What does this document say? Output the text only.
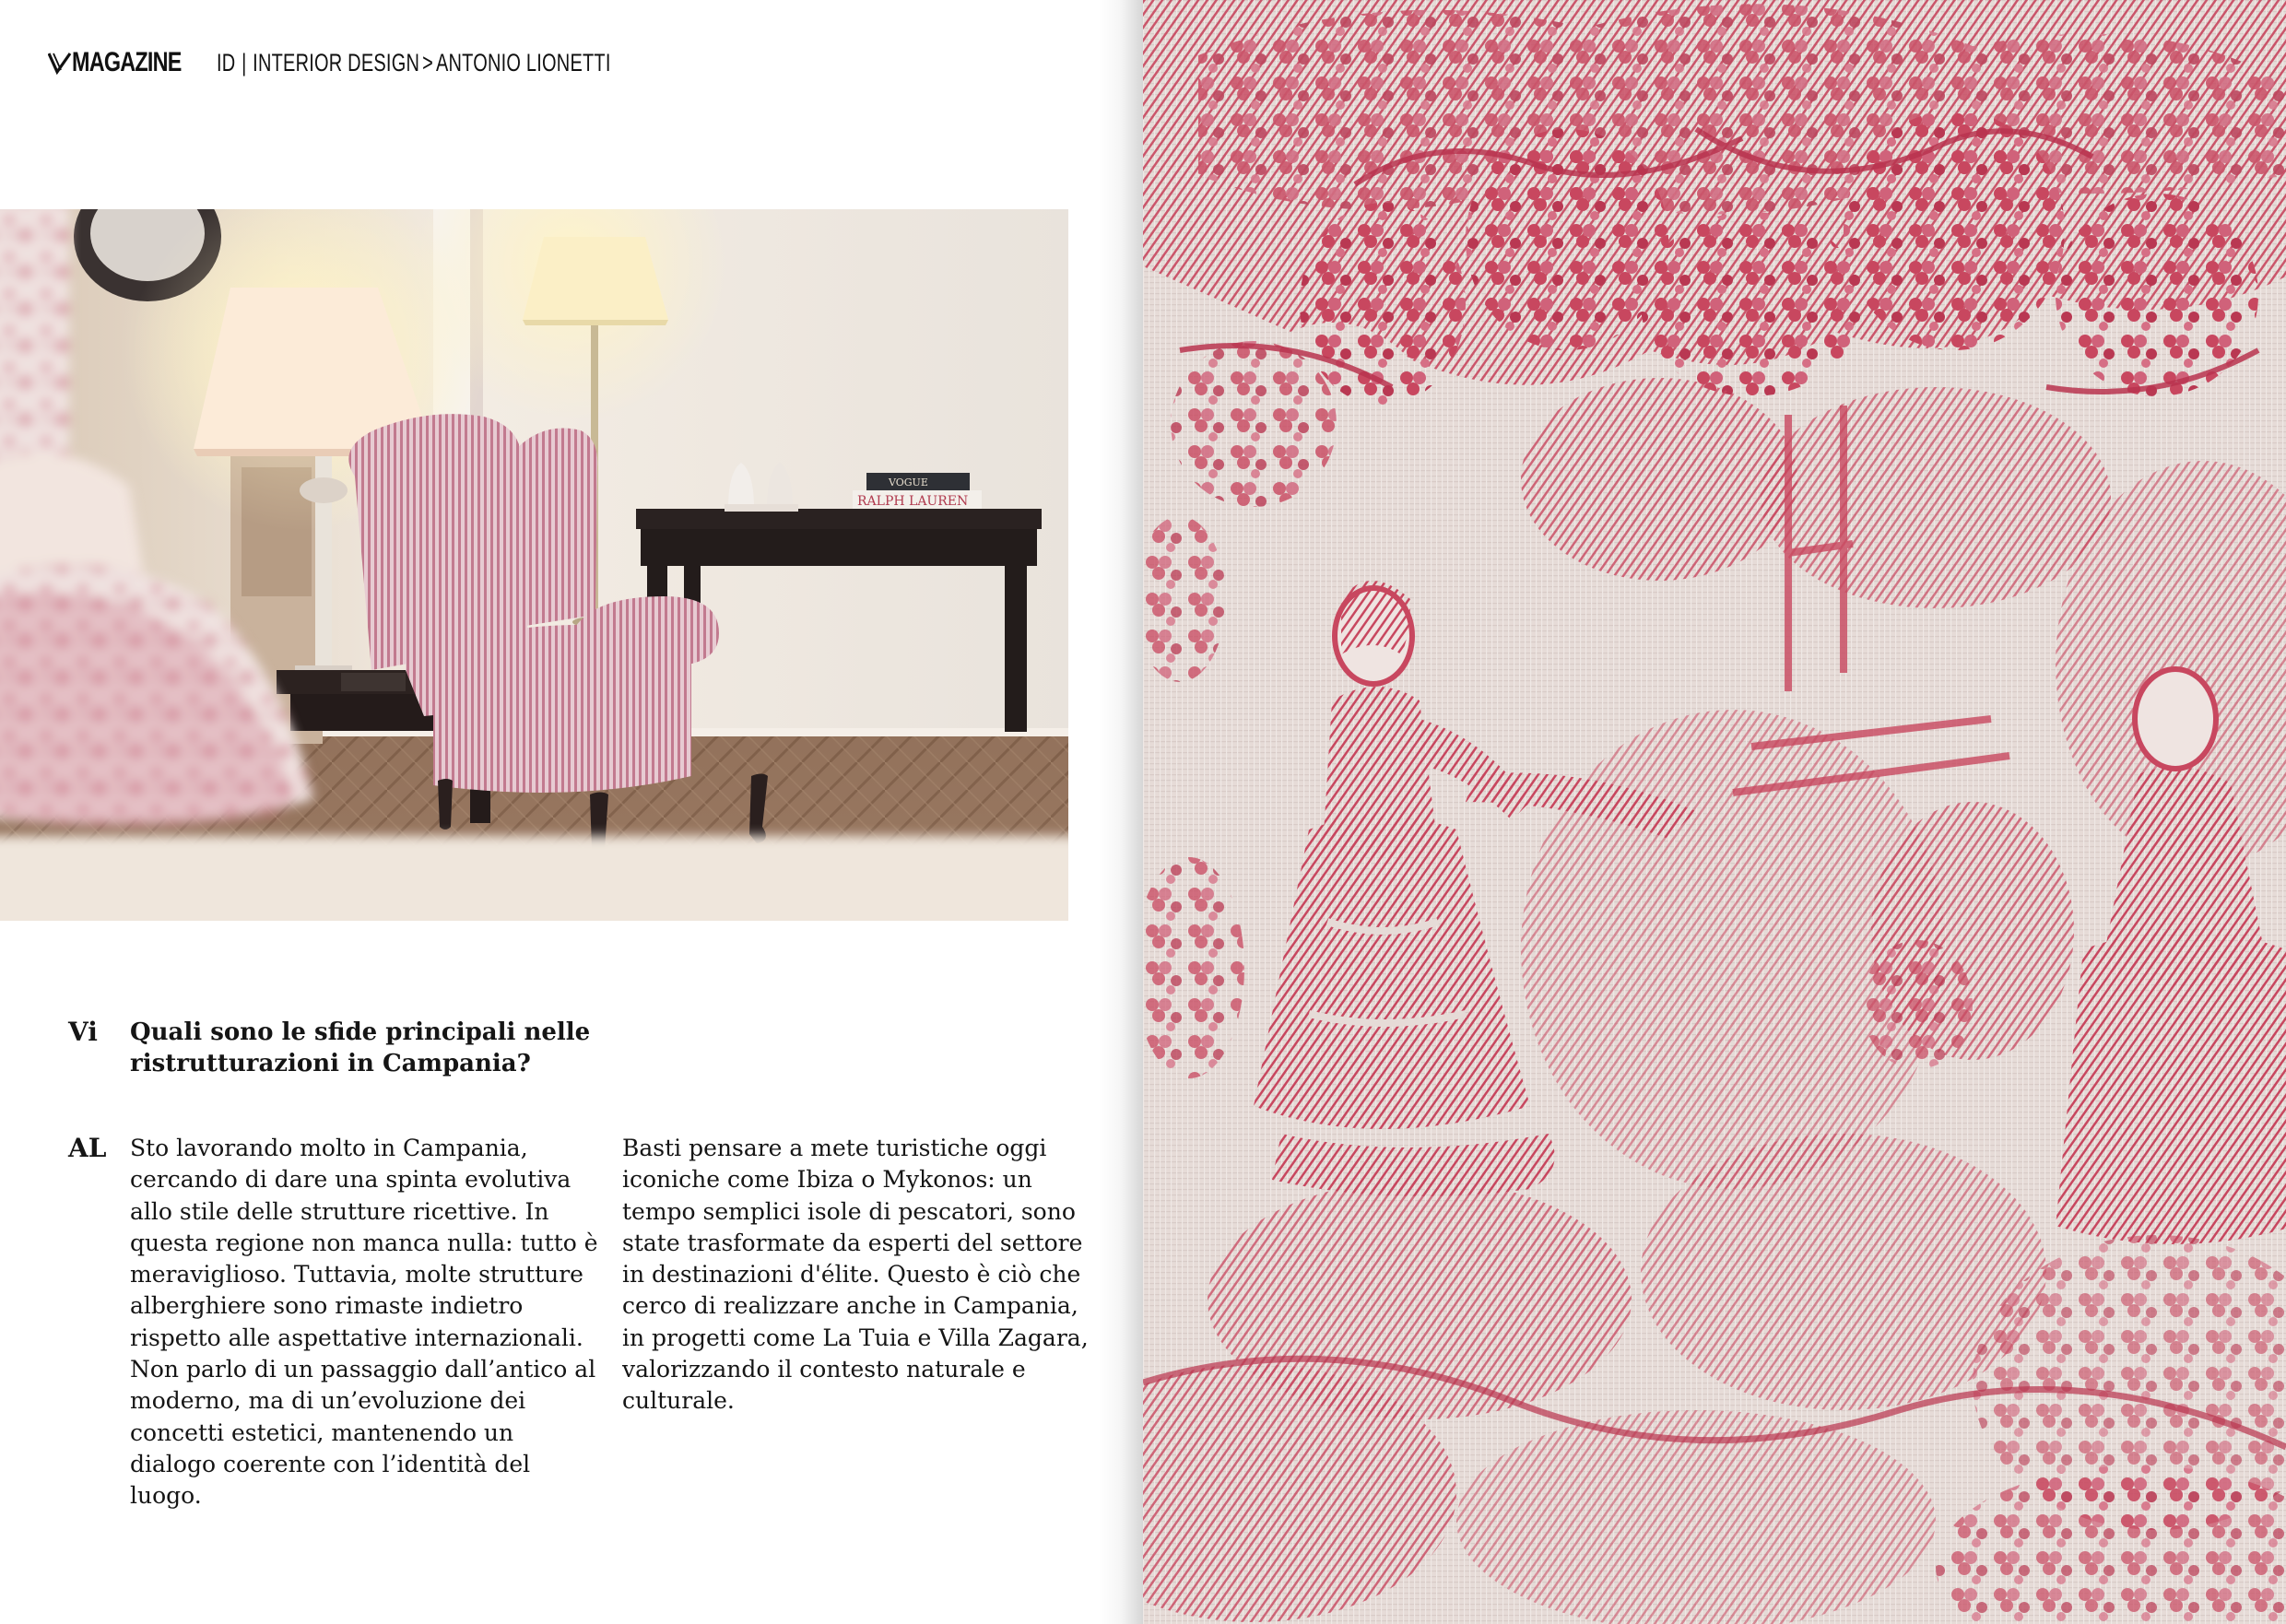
MAGAZINE ID | INTERIOR DESIGN > ANTONIO LIONETTI
RALPH LAUREN
VOGUE
Vi	Quali sono le sfide principali nelle
ristrutturazioni in Campania?

AL	Sto lavorando molto in Campania,
cercando di dare una spinta evolutiva
allo stile delle strutture ricettive. In
questa regione non manca nulla: tutto è
meraviglioso. Tuttavia, molte strutture
alberghiere sono rimaste indietro
rispetto alle aspettative internazionali.
Non parlo di un passaggio dall’antico al
moderno, ma di un’evoluzione dei
concetti estetici, mantenendo un
dialogo coerente con l’identità del
luogo.

Basti pensare a mete turistiche oggi
iconiche come Ibiza o Mykonos: un
tempo semplici isole di pescatori, sono
state trasformate da esperti del settore
in destinazioni d'élite. Questo è ciò che
cerco di realizzare anche in Campania,
in progetti come La Tuia e Villa Zagara,
valorizzando il contesto naturale e
culturale.
